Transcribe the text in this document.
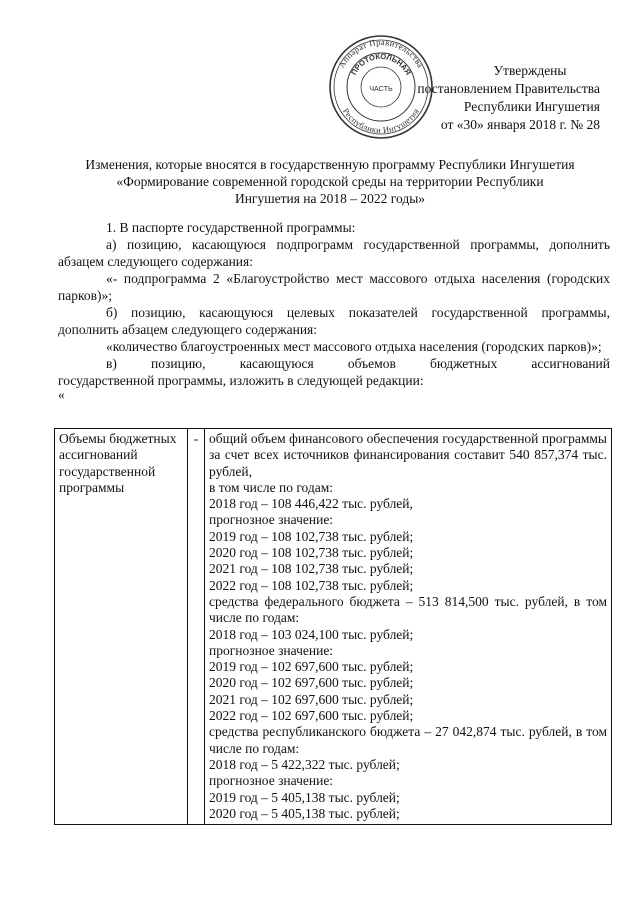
Аппарат Правительства
Республики Ингушетия
ПРОТОКОЛЬНАЯ
ЧАСТЬ
Утверждены
постановлением Правительства
Республики Ингушетия
от «30» января 2018 г. № 28
Изменения, которые вносятся в государственную программу Республики Ингушетия
«Формирование современной городской среды на территории Республики
Ингушетия на 2018 – 2022 годы»

1. В паспорте государственной программы:

а) позицию, касающуюся подпрограмм государственной программы, дополнить абзацем следующего содержания:

«- подпрограмма 2 «Благоустройство мест массового отдыха населения (городских парков)»;

б) позицию, касающуюся целевых показателей государственной программы, дополнить абзацем следующего содержания:

«количество благоустроенных мест массового отдыха населения (городских парков)»;

в) позицию, касающуюся объемов бюджетных ассигнований

государственной программы, изложить в следующей редакции:

«

Объемы бюджетных ассигнований государственной программы	-	общий объем финансового обеспечения государственной программы за счет всех источников финансирования составит 540 857,374 тыс. рублей,
в том числе по годам:
2018 год – 108 446,422 тыс. рублей,
прогнозное значение:
2019 год – 108 102,738 тыс. рублей;
2020 год – 108 102,738 тыс. рублей;
2021 год – 108 102,738 тыс. рублей;
2022 год – 108 102,738 тыс. рублей;
средства федерального бюджета – 513 814,500 тыс. рублей, в том числе по годам:
2018 год – 103 024,100 тыс. рублей;
прогнозное значение:
2019 год – 102 697,600 тыс. рублей;
2020 год – 102 697,600 тыс. рублей;
2021 год – 102 697,600 тыс. рублей;
2022 год – 102 697,600 тыс. рублей;
средства республиканского бюджета – 27 042,874 тыс. рублей, в том числе по годам:
2018 год – 5 422,322 тыс. рублей;
прогнозное значение:
2019 год – 5 405,138 тыс. рублей;
2020 год – 5 405,138 тыс. рублей;
